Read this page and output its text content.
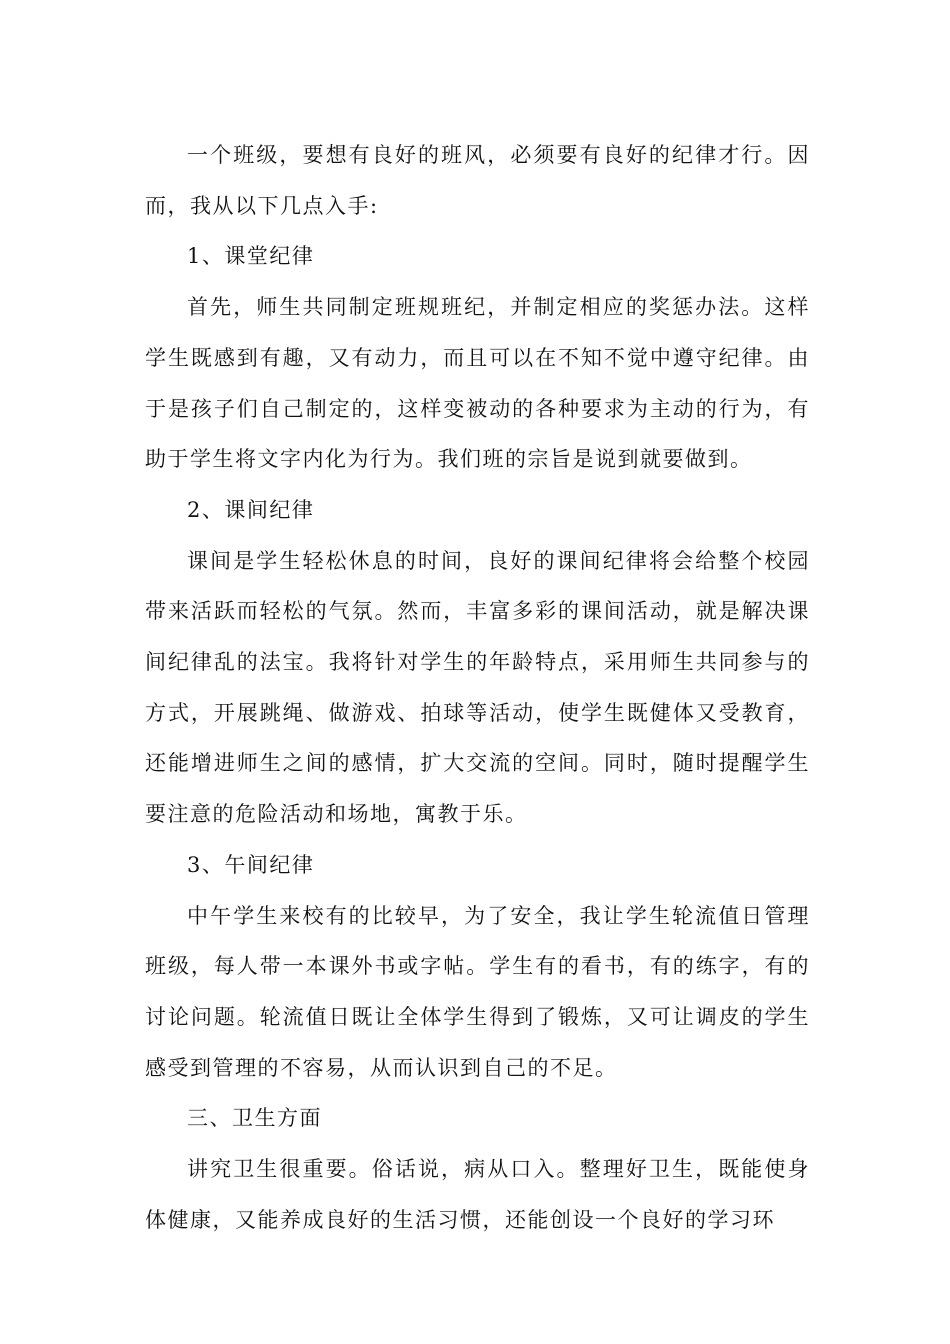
一个班级，要想有良好的班风，必须要有良好的纪律才行。因而，我从以下几点入手:

1、课堂纪律

首先，师生共同制定班规班纪，并制定相应的奖惩办法。这样学生既感到有趣，又有动力，而且可以在不知不觉中遵守纪律。由于是孩子们自己制定的，这样变被动的各种要求为主动的行为，有助于学生将文字内化为行为。我们班的宗旨是说到就要做到。

2、课间纪律

课间是学生轻松休息的时间，良好的课间纪律将会给整个校园带来活跃而轻松的气氛。然而，丰富多彩的课间活动，就是解决课间纪律乱的法宝。我将针对学生的年龄特点，采用师生共同参与的方式，开展跳绳、做游戏、拍球等活动，使学生既健体又受教育，还能增进师生之间的感情，扩大交流的空间。同时，随时提醒学生要注意的危险活动和场地，寓教于乐。

3、午间纪律

中午学生来校有的比较早，为了安全，我让学生轮流值日管理班级，每人带一本课外书或字帖。学生有的看书，有的练字，有的讨论问题。轮流值日既让全体学生得到了锻炼，又可让调皮的学生感受到管理的不容易，从而认识到自己的不足。

三、卫生方面

讲究卫生很重要。俗话说，病从口入。整理好卫生，既能使身体健康，又能养成良好的生活习惯，还能创设一个良好的学习环
